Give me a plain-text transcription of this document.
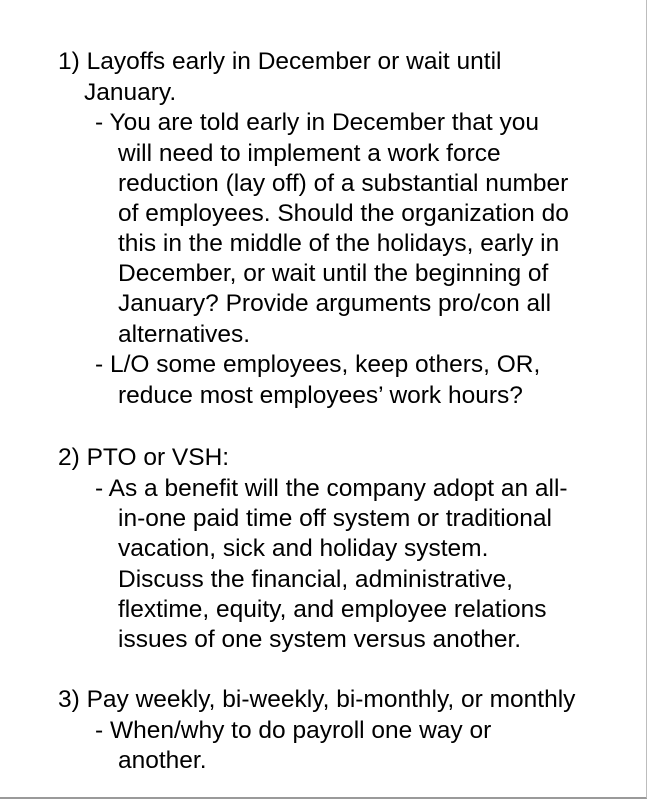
1) Layoffs early in December or wait until
January.
- You are told early in December that you
will need to implement a work force
reduction (lay off) of a substantial number
of employees. Should the organization do
this in the middle of the holidays, early in
December, or wait until the beginning of
January? Provide arguments pro/con all
alternatives.
- L/O some employees, keep others, OR,
reduce most employees’ work hours?
2) PTO or VSH:
- As a benefit will the company adopt an all-
in-one paid time off system or traditional
vacation, sick and holiday system.
Discuss the financial, administrative,
flextime, equity, and employee relations
issues of one system versus another.
3) Pay weekly, bi-weekly, bi-monthly, or monthly
- When/why to do payroll one way or
another.
